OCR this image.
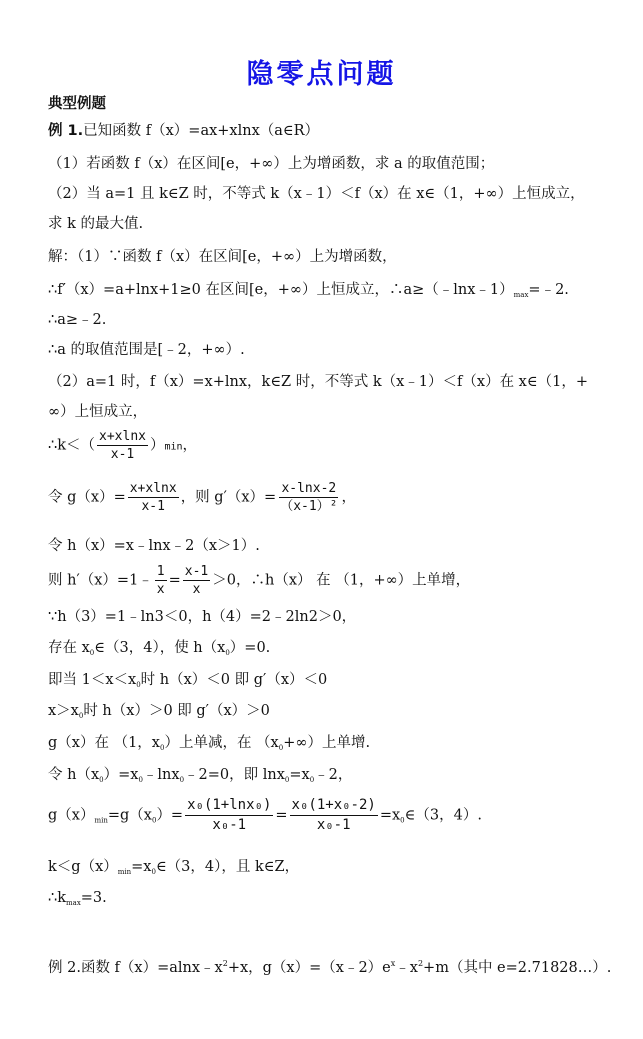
隐零点问题
典型例题
例 1.已知函数 f（x）=ax+xlnx（a∈R）
（1）若函数 f（x）在区间[e，+∞）上为增函数，求 a 的取值范围；
（2）当 a=1 且 k∈Z 时，不等式 k（x﹣1）＜f（x）在 x∈（1，+∞）上恒成立，
求 k 的最大值.
解：（1）∵函数 f（x）在区间[e，+∞）上为增函数，
∴f′（x）=a+lnx+1≥0 在区间[e，+∞）上恒成立，$\therefore a\ge(﹣\ln x﹣1)_{max}=﹣2$.
∴a≥﹣2.
∴a 的取值范围是[﹣2，+∞）.
（2）a=1 时，f（x）=x+lnx，k∈Z 时，不等式 k（x﹣1）＜f（x）在 x∈（1，+
∞）上恒成立，
∴k＜（ $\frac{x+xlnx}{x-1} )\min$，
令 $g(x)= \frac{x+xlnx}{x-1}$ ，则 $g'(x)= \frac{x-\ln x-2}{\text{（x-1）²}}$ ，
令 h（x）=x﹣lnx﹣2（x＞1）.
则 h′（x）=1﹣ $\frac{1}{x} = \frac{x-1}{x} >0$，∴h（x） 在 （1，+∞）上单增，
∵h（3）=1﹣ln3＜0，h（4）=2﹣2ln2＞0，
存在 $x_0\in(3$，4），使 $h(x_0)=0$.
即当 $1<x<x_0$时 h（x）＜0 即 g′（x）＜0
$x>x_0$时 h（x）＞0 即 g′（x）＞0
g（x）在 （1，$x_0$）上单减，在 $(x_0+\infty)$上单增.
令 $h(x_0)=x_0﹣\ln x_0﹣2=0$，即 $\ln x_0=x_0﹣2$，
$g(x)_{min}=g(x_0)= \frac{\text{x₀(1+lnx₀)}}{\text{x₀-1}} = \frac{\text{x₀(1+x₀-2)}}{\text{x₀-1}}$ $=x_0\in(3$，4）.
$k<g(x)_{min}=x_0\in(3$，4），且 k∈Z，
$\therefore k_{max}=3$.
例 2.函数 $f(x)=alnx﹣x^2+x$，$g(x)=(x﹣2)e^x﹣x^2+m$（其中 e=2.71828…）.
